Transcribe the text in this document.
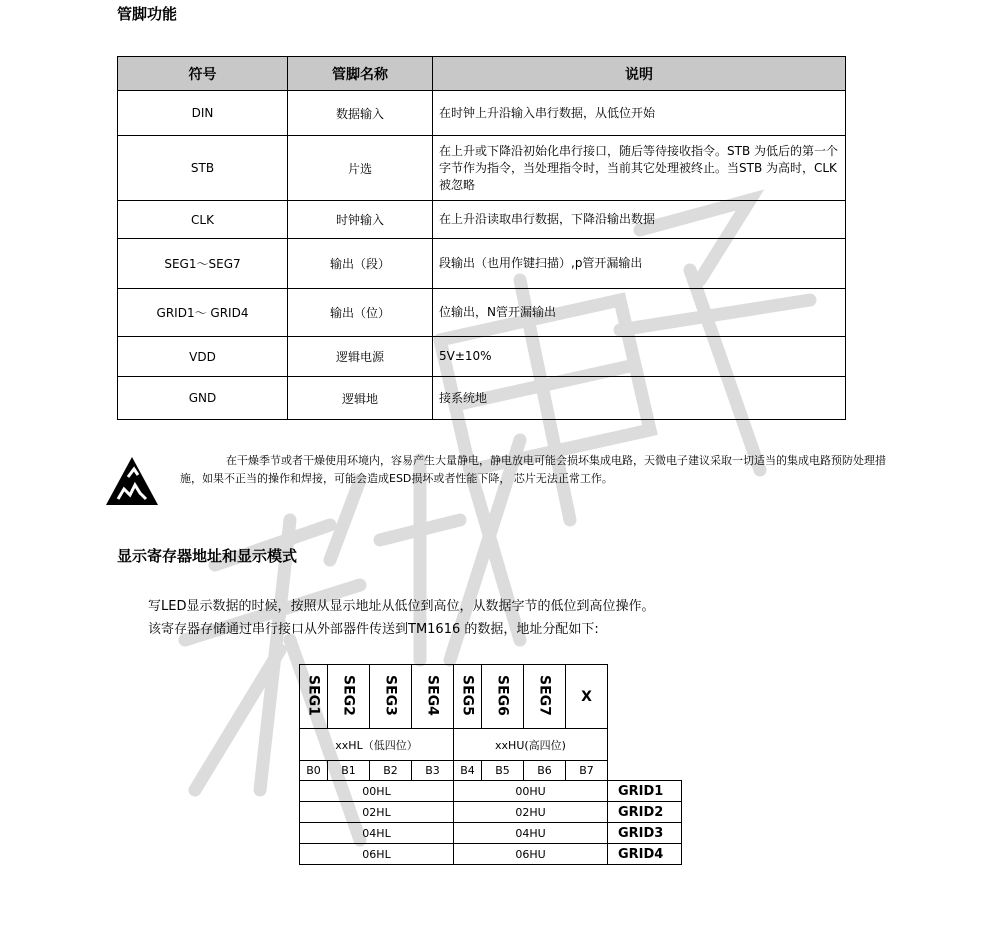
管脚功能
符号	管脚名称	说明
DIN	数据输入	在时钟上升沿输入串行数据，从低位开始
STB	片选	在上升或下降沿初始化串行接口，随后等待接收指令。STB 为低后的第一个字节作为指令，当处理指令时，当前其它处理被终止。当STB 为高时，CLK 被忽略
CLK	时钟输入	在上升沿读取串行数据，下降沿输出数据
SEG1～SEG7	输出（段）	段输出（也用作键扫描）,p管开漏输出
GRID1～ GRID4	输出（位）	位输出，N管开漏输出
VDD	逻辑电源	5V±10%
GND	逻辑地	接系统地

在干燥季节或者干燥使用环境内，容易产生大量静电，静电放电可能会损坏集成电路，天微电子建议采取一切适当的集成电路预防处理措施，如果不正当的操作和焊接，可能会造成ESD损坏或者性能下降， 芯片无法正常工作。

显示寄存器地址和显示模式

写LED显示数据的时候，按照从显示地址从低位到高位，从数据字节的低位到高位操作。

该寄存器存储通过串行接口从外部器件传送到TM1616 的数据，地址分配如下:

SEG1	SEG2	SEG3	SEG4	SEG5	SEG6	SEG7	X	
xxHL（低四位）				xxHU(高四位)				
B0	B1	B2	B3	B4	B5	B6	B7	
00HL				00HU				GRID1
02HL				02HU				GRID2
04HL				04HU				GRID3
06HL				06HU				GRID4
